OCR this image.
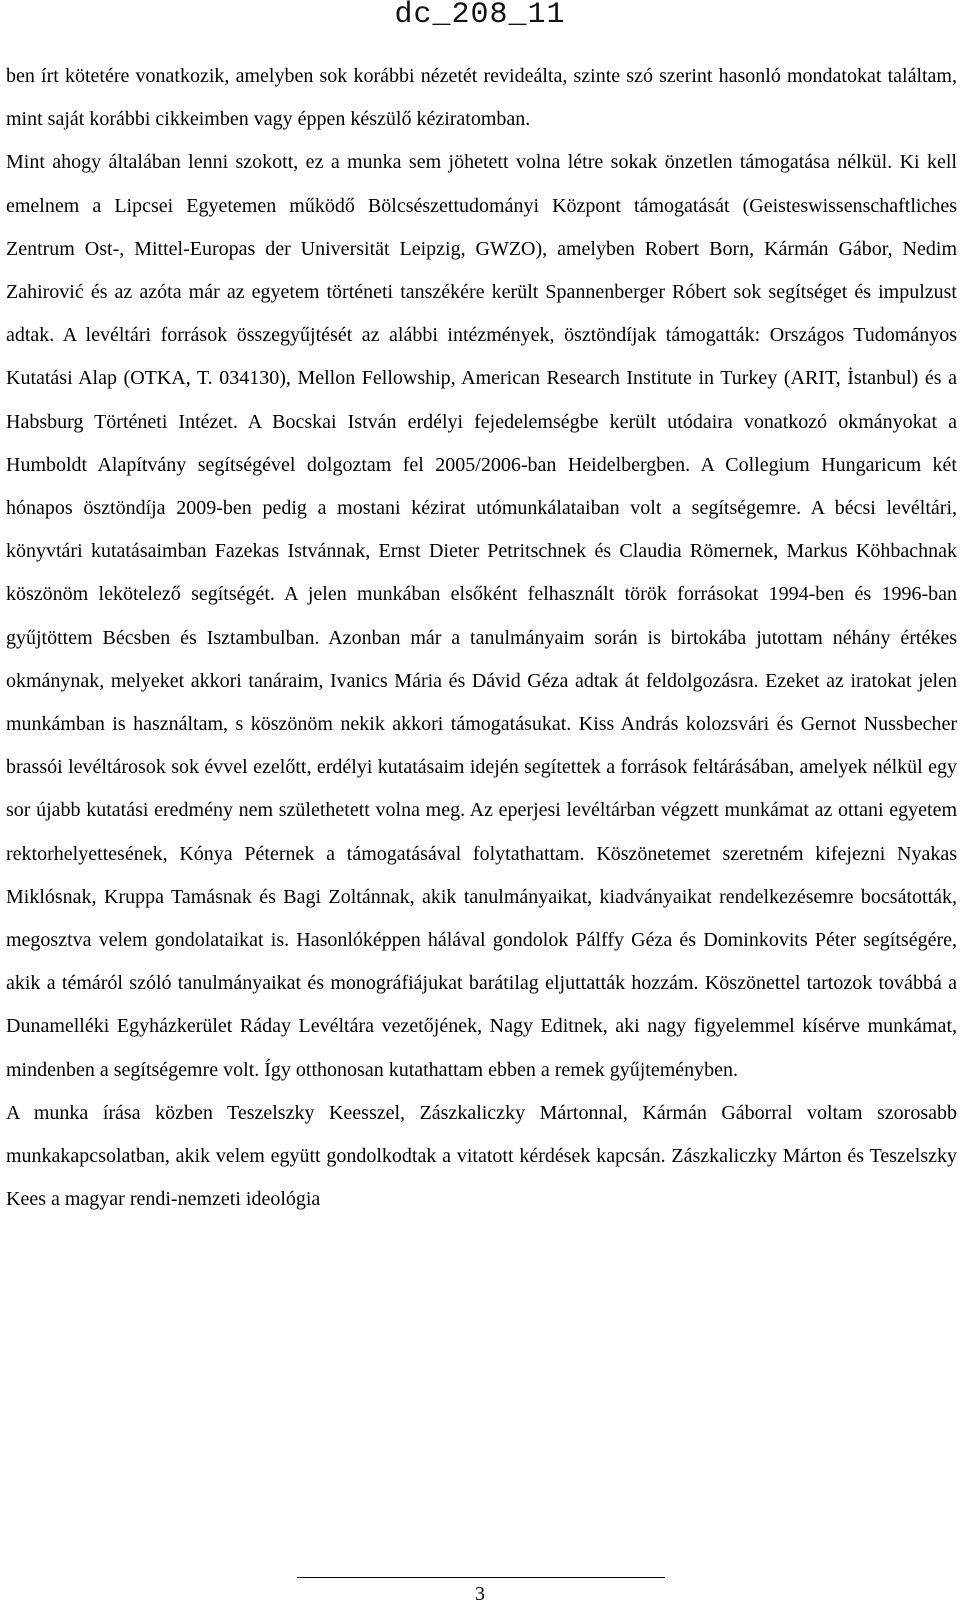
dc_208_11

ben írt kötetére vonatkozik, amelyben sok korábbi nézetét revideálta, szinte szó szerint hasonló mondatokat találtam, mint saját korábbi cikkeimben vagy éppen készülő kéziratomban.

Mint ahogy általában lenni szokott, ez a munka sem jöhetett volna létre sokak önzetlen támogatása nélkül. Ki kell emelnem a Lipcsei Egyetemen működő Bölcsészettudományi Központ támogatását (Geisteswissenschaftliches Zentrum Ost-, Mittel-Europas der Universität Leipzig, GWZO), amelyben Robert Born, Kármán Gábor, Nedim Zahirović és az azóta már az egyetem történeti tanszékére került Spannenberger Róbert sok segítséget és impulzust adtak. A levéltári források összegyűjtését az alábbi intézmények, ösztöndíjak támogatták: Országos Tudományos Kutatási Alap (OTKA, T. 034130), Mellon Fellowship, American Research Institute in Turkey (ARIT, İstanbul) és a Habsburg Történeti Intézet. A Bocskai István erdélyi fejedelemségbe került utódaira vonatkozó okmányokat a Humboldt Alapítvány segítségével dolgoztam fel 2005/2006-ban Heidelbergben. A Collegium Hungaricum két hónapos ösztöndíja 2009-ben pedig a mostani kézirat utómunkálataiban volt a segítségemre. A bécsi levéltári, könyvtári kutatásaimban Fazekas Istvánnak, Ernst Dieter Petritschnek és Claudia Römernek, Markus Köhbachnak köszönöm lekötelező segítségét. A jelen munkában elsőként felhasznált török forrásokat 1994-ben és 1996-ban gyűjtöttem Bécsben és Isztambulban. Azonban már a tanulmányaim során is birtokába jutottam néhány értékes okmánynak, melyeket akkori tanáraim, Ivanics Mária és Dávid Géza adtak át feldolgozásra. Ezeket az iratokat jelen munkámban is használtam, s köszönöm nekik akkori támogatásukat. Kiss András kolozsvári és Gernot Nussbecher brassói levéltárosok sok évvel ezelőtt, erdélyi kutatásaim idején segítettek a források feltárásában, amelyek nélkül egy sor újabb kutatási eredmény nem születhetett volna meg. Az eperjesi levéltárban végzett munkámat az ottani egyetem rektorhelyettesének, Kónya Péternek a támogatásával folytathattam. Köszönetemet szeretném kifejezni Nyakas Miklósnak, Kruppa Tamásnak és Bagi Zoltánnak, akik tanulmányaikat, kiadványaikat rendelkezésemre bocsátották, megosztva velem gondolataikat is. Hasonlóképpen hálával gondolok Pálffy Géza és Dominkovits Péter segítségére, akik a témáról szóló tanulmányaikat és monográfiájukat barátilag eljuttatták hozzám. Köszönettel tartozok továbbá a Dunamelléki Egyházkerület Ráday Levéltára vezetőjének, Nagy Editnek, aki nagy figyelemmel kísérve munkámat, mindenben a segítségemre volt. Így otthonosan kutathattam ebben a remek gyűjteményben.

A munka írása közben Teszelszky Keesszel, Zászkaliczky Mártonnal, Kármán Gáborral voltam szorosabb munkakapcsolatban, akik velem együtt gondolkodtak a vitatott kérdések kapcsán. Zászkaliczky Márton és Teszelszky Kees a magyar rendi-nemzeti ideológia

3
